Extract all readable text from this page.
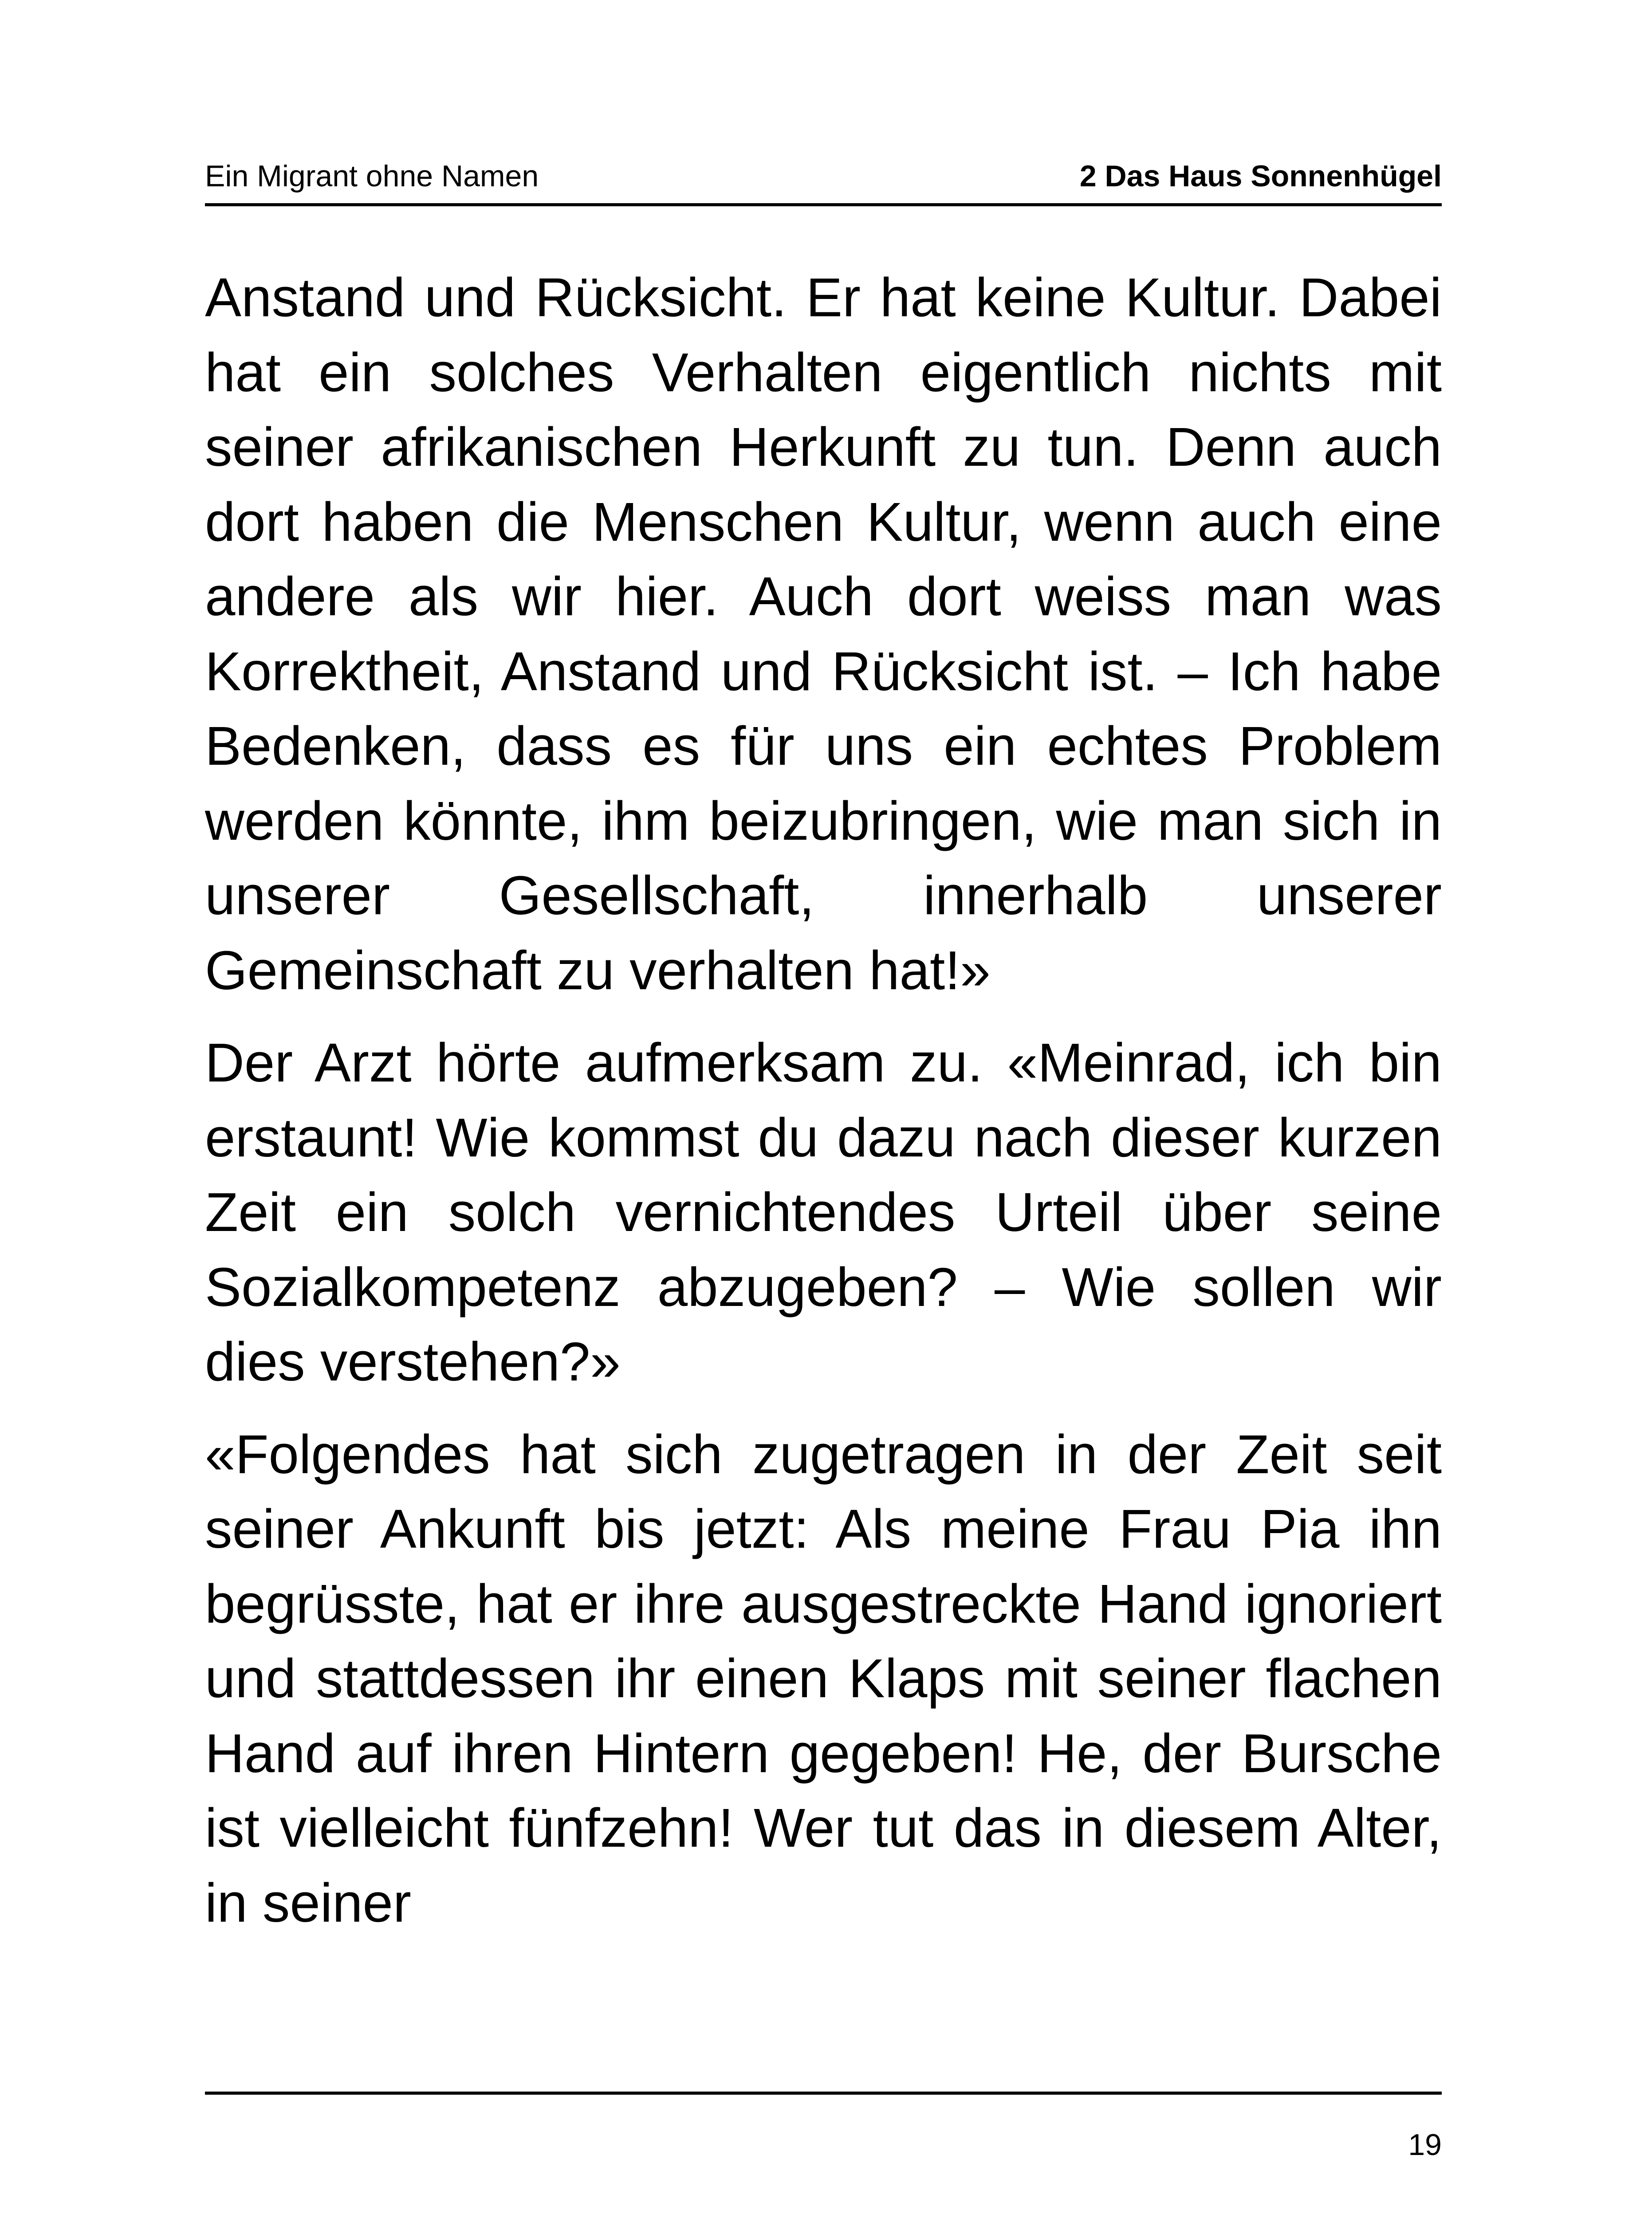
Ein Migrant ohne Namen	2 Das Haus Sonnenhügel

Anstand und Rücksicht. Er hat keine Kultur. Dabei hat ein solches Verhalten eigentlich nichts mit seiner afrikanischen Herkunft zu tun. Denn auch dort haben die Menschen Kultur, wenn auch eine andere als wir hier. Auch dort weiss man was Korrektheit, Anstand und Rücksicht ist. – Ich habe Bedenken, dass es für uns ein echtes Problem werden könnte, ihm beizubringen, wie man sich in unserer Gesellschaft, innerhalb unserer Gemeinschaft zu verhalten hat!»

Der Arzt hörte aufmerksam zu. «Meinrad, ich bin erstaunt! Wie kommst du dazu nach dieser kurzen Zeit ein solch vernichtendes Urteil über seine Sozialkompetenz abzugeben? – Wie sollen wir dies verstehen?»

«Folgendes hat sich zugetragen in der Zeit seit seiner Ankunft bis jetzt: Als meine Frau Pia ihn begrüsste, hat er ihre ausgestreckte Hand ignoriert und stattdessen ihr einen Klaps mit seiner flachen Hand auf ihren Hintern gegeben! He, der Bursche ist vielleicht fünfzehn! Wer tut das in diesem Alter, in seiner

19
